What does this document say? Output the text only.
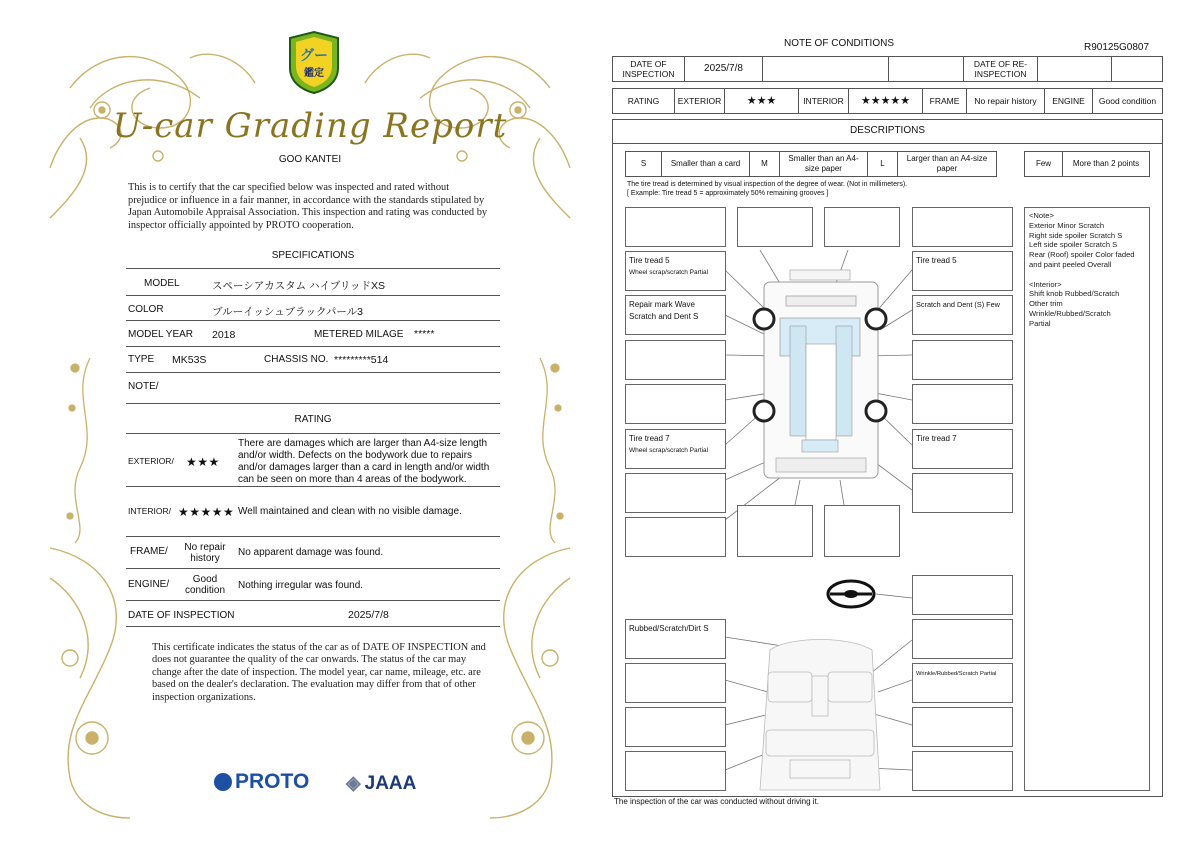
グー
鑑定
U-car Grading Report
GOO KANTEI
This is to certify that the car specified below was inspected and rated without prejudice or influence in a fair manner, in accordance with the standards stipulated by Japan Automobile Appraisal Association. This inspection and rating was conducted by inspector officially appointed by PROTO cooperation.
SPECIFICATIONS
MODEL	スペーシアカスタム ハイブリッドXS
COLOR	ブルーイッシュブラックパール3
MODEL YEAR 2018	METERED MILAGE *****
TYPE MK53S	CHASSIS NO. *********514
NOTE/
RATING
EXTERIOR/ ★★★
There are damages which are larger than A4-size length and/or width. Defects on the bodywork due to repairs and/or damages larger than a card in length and/or width can be seen on more than 4 areas of the bodywork.
INTERIOR/ ★★★★★ Well maintained and clean with no visible damage.
FRAME/	No repair history
No apparent damage was found.
ENGINE/	Good condition	Nothing irregular was found.
DATE OF INSPECTION	2025/7/8
This certificate indicates the status of the car as of DATE OF INSPECTION and does not guarantee the quality of the car onwards. The status of the car may change after the date of inspection. The model year, car name, mileage, etc. are based on the dealer's declaration. The evaluation may differ from that of other inspection organizations.
PROTO ◈ JAAA
NOTE OF CONDITIONS	R90125G0807
DATE OF INSPECTION	2025/7/8			DATE OF RE-INSPECTION		
RATING	EXTERIOR	★★★	INTERIOR	★★★★★	FRAME	No repair history	ENGINE	Good condition
DESCRIPTIONS
S	Smaller than a card	M	Smaller than an A4-size paper	L	Larger than an A4-size paper
Few	More than 2 points
The tire tread is determined by visual inspection of the degree of wear. (Not in millimeters).
[ Example: Tire tread 5 = approximately 50% remaining grooves ]
Tire tread 5
Wheel scrap/scratch Partial
Repair mark Wave
Scratch and Dent S
Tire tread 7
Wheel scrap/scratch Partial
Tire tread 5
Scratch and Dent (S) Few
Tire tread 7
Rubbed/Scratch/Dirt S
Wrinkle/Rubbed/Scratch Partial
<Note>
Exterior Minor Scratch
Right side spoiler Scratch S
Left side spoiler Scratch S
Rear (Roof) spoiler Color faded
and paint peeled Overall
<Interior>
Shift knob Rubbed/Scratch
Other trim
Wrinkle/Rubbed/Scratch
Partial
The inspection of the car was conducted without driving it.
